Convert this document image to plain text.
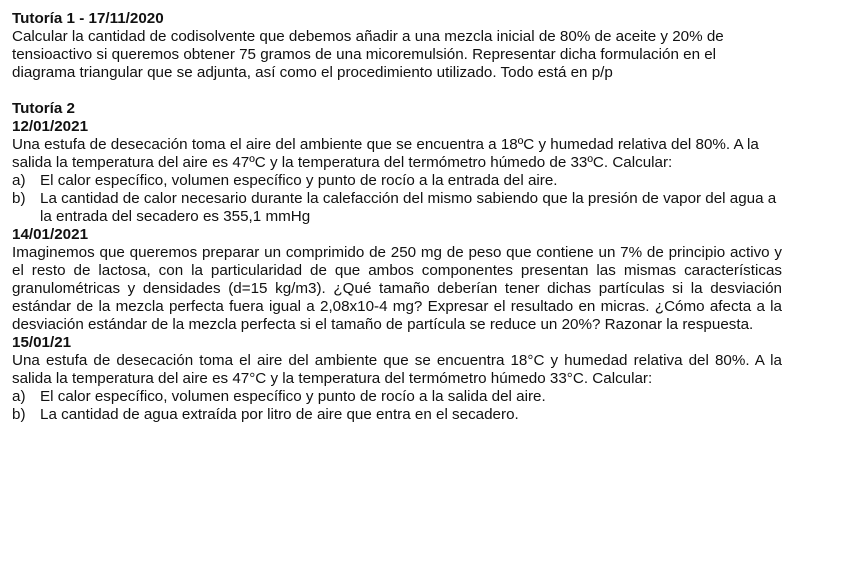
Tutoría 1 - 17/11/2020

Calcular la cantidad de codisolvente que debemos añadir a una mezcla inicial de 80% de aceite y 20% de tensioactivo si queremos obtener 75 gramos de una micoremulsión. Representar dicha formulación en el diagrama triangular que se adjunta, así como el procedimiento utilizado. Todo está en p/p

Tutoría 2

12/01/2021

Una estufa de desecación toma el aire del ambiente que se encuentra a 18ºC y humedad relativa del 80%. A la salida la temperatura del aire es 47ºC y la temperatura del termómetro húmedo de 33ºC. Calcular:

a) El calor específico, volumen específico y punto de rocío a la entrada del aire.
b) La cantidad de calor necesario durante la calefacción del mismo sabiendo que la presión de vapor del agua a la entrada del secadero es 355,1 mmHg

14/01/2021

Imaginemos que queremos preparar un comprimido de 250 mg de peso que contiene un 7% de principio activo y el resto de lactosa, con la particularidad de que ambos componentes presentan las mismas características granulométricas y densidades (d=15 kg/m3). ¿Qué tamaño deberían tener dichas partículas si la desviación estándar de la mezcla perfecta fuera igual a 2,08x10-4 mg? Expresar el resultado en micras. ¿Cómo afecta a la desviación estándar de la mezcla perfecta si el tamaño de partícula se reduce un 20%? Razonar la respuesta.

15/01/21

Una estufa de desecación toma el aire del ambiente que se encuentra 18°C y humedad relativa del 80%. A la salida la temperatura del aire es 47°C y la temperatura del termómetro húmedo 33°C. Calcular:

a) El calor específico, volumen específico y punto de rocío a la salida del aire.
b) La cantidad de agua extraída por litro de aire que entra en el secadero.
